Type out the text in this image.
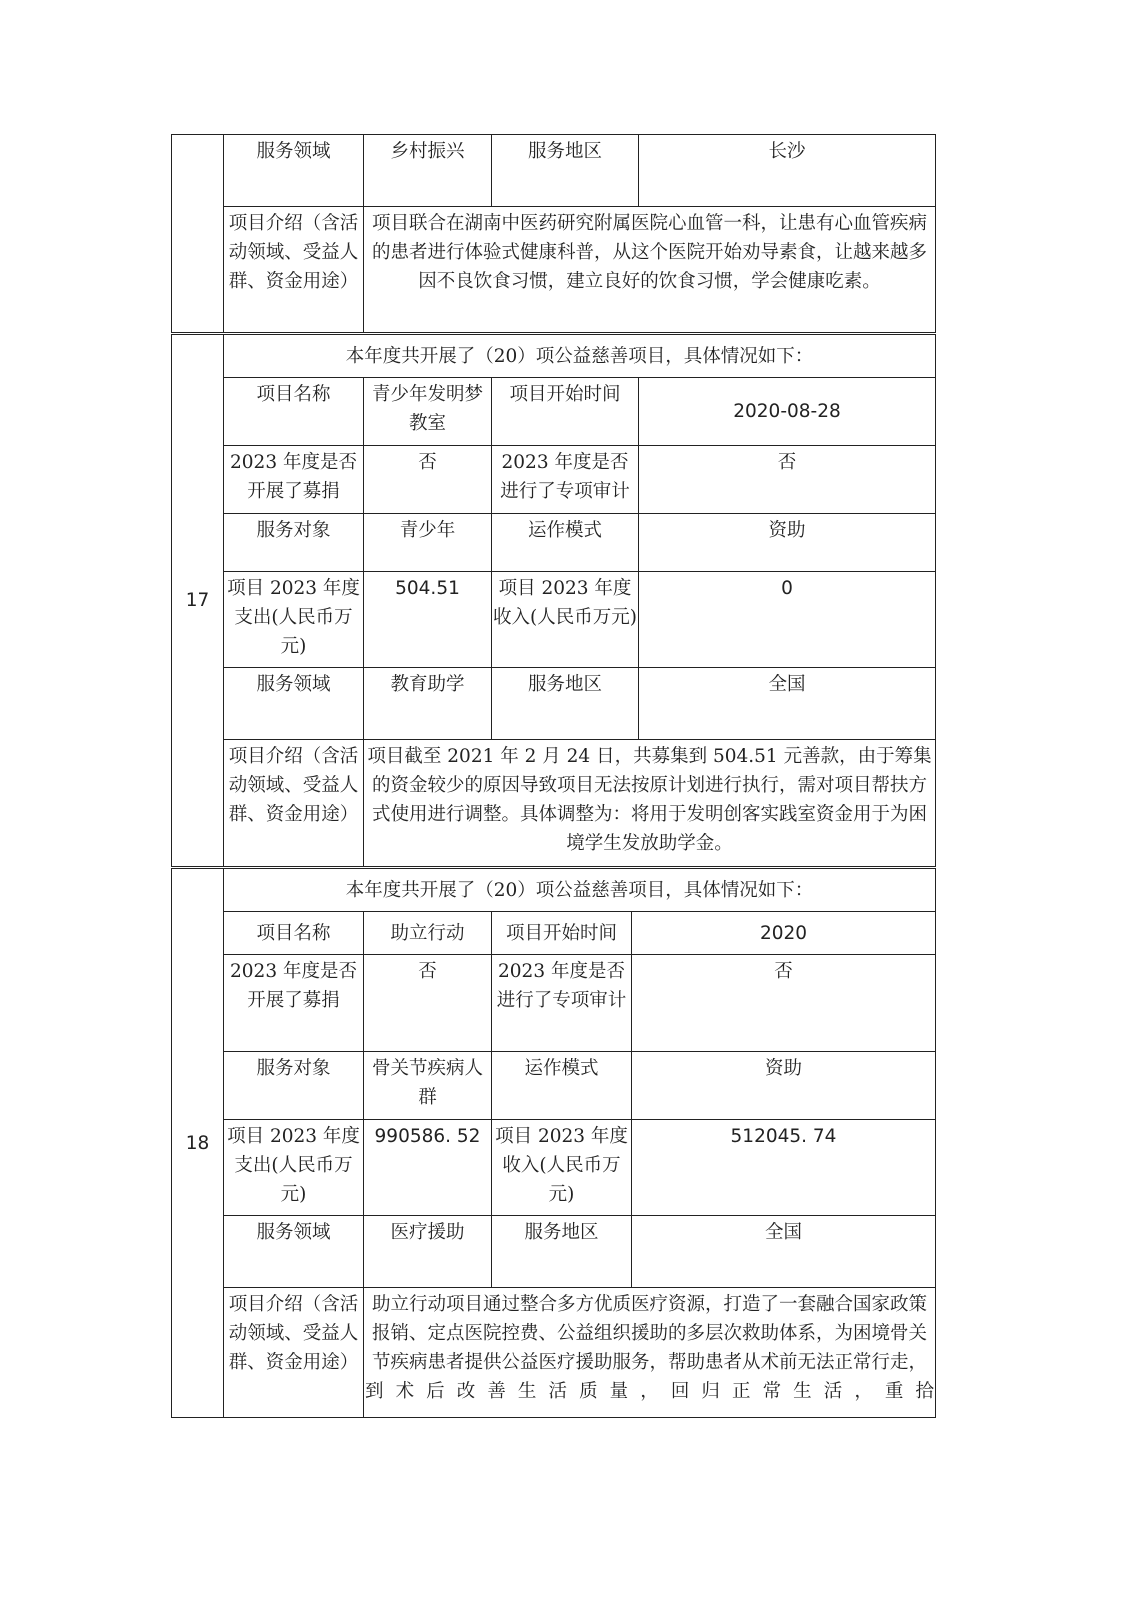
	服务领域	乡村振兴	服务地区	长沙
	项目介绍（含活动领域、受益人群、资金用途）	项目联合在湖南中医药研究附属医院心血管一科，让患有心血管疾病的患者进行体验式健康科普，从这个医院开始劝导素食，让越来越多因不良饮食习惯，建立良好的饮食习惯，学会健康吃素。		
17	本年度共开展了（20）项公益慈善项目，具体情况如下：			
	项目名称	青少年发明梦教室	项目开始时间	2020-08-28
	2023 年度是否开展了募捐	否	2023 年度是否进行了专项审计	否
	服务对象	青少年	运作模式	资助
	项目 2023 年度支出(人民币万元)	504.51	项目 2023 年度收入(人民币万元)	0
	服务领域	教育助学	服务地区	全国
	项目介绍（含活动领域、受益人群、资金用途）	项目截至 2021 年 2 月 24 日，共募集到 504.51 元善款，由于筹集的资金较少的原因导致项目无法按原计划进行执行，需对项目帮扶方式使用进行调整。具体调整为：将用于发明创客实践室资金用于为困境学生发放助学金。		
18	本年度共开展了（20）项公益慈善项目，具体情况如下：			
	项目名称	助立行动	项目开始时间	2020
	2023 年度是否开展了募捐	否	2023 年度是否进行了专项审计	否
	服务对象	骨关节疾病人群	运作模式	资助
	项目 2023 年度支出(人民币万元)	990586. 52	项目 2023 年度收入(人民币万元)	512045. 74
	服务领域	医疗援助	服务地区	全国
	项目介绍（含活动领域、受益人群、资金用途）	助立行动项目通过整合多方优质医疗资源，打造了一套融合国家政策报销、定点医院控费、公益组织援助的多层次救助体系，为困境骨关节疾病患者提供公益医疗援助服务，帮助患者从术前无法正常行走，到术后改善生活质量，回归正常生活，重拾		
